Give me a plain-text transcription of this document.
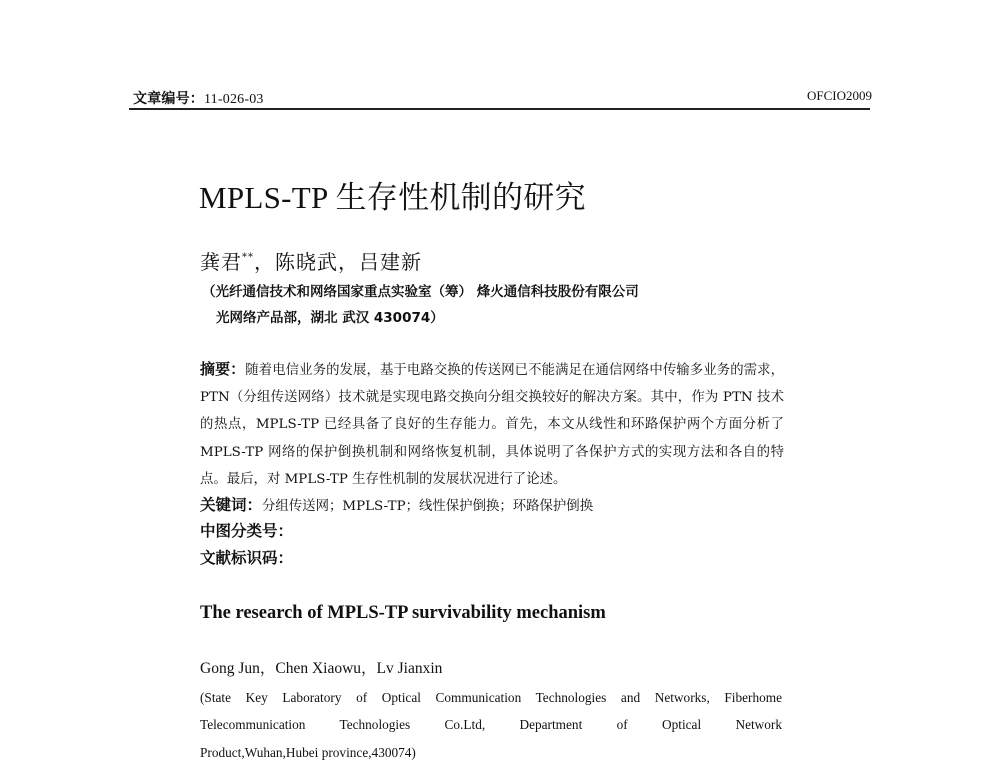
文章编号：11-026-03	OFCIO2009
MPLS-TP 生存性机制的研究
龚君**，陈晓武，吕建新
（光纤通信技术和网络国家重点实验室（筹） 烽火通信科技股份有限公司
光网络产品部，湖北 武汉 430074）
摘要：随着电信业务的发展，基于电路交换的传送网已不能满足在通信网络中传输多业务的需求，PTN（分组传送网络）技术就是实现电路交换向分组交换较好的解决方案。其中，作为 PTN 技术的热点，MPLS-TP 已经具备了良好的生存能力。首先，本文从线性和环路保护两个方面分析了 MPLS-TP 网络的保护倒换机制和网络恢复机制，具体说明了各保护方式的实现方法和各自的特点。最后，对 MPLS-TP 生存性机制的发展状况进行了论述。
关键词：分组传送网；MPLS-TP；线性保护倒换；环路保护倒换
中图分类号：
文献标识码：
The research of MPLS-TP survivability mechanism
Gong Jun，Chen Xiaowu，Lv Jianxin
(State Key Laboratory of Optical Communication Technologies and Networks, Fiberhome
Telecommunication Technologies Co.Ltd, Department of Optical Network
Product,Wuhan,Hubei province,430074)
